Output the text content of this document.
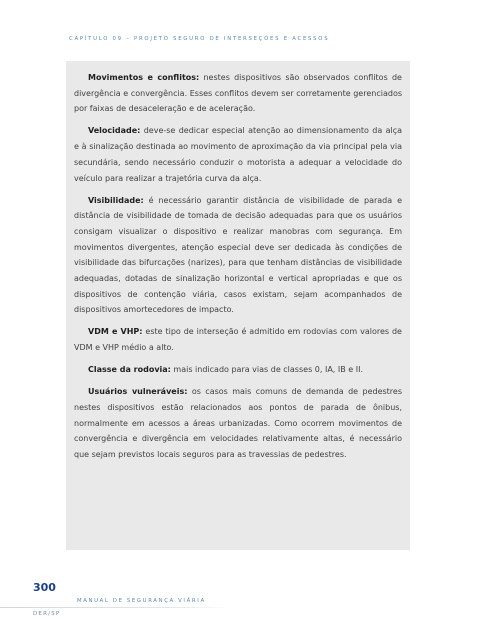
CAPÍTULO 09 – PROJETO SEGURO DE INTERSEÇÕES E ACESSOS

Movimentos e conflitos: nestes dispositivos são observados conflitos de divergência e convergência. Esses conflitos devem ser corretamente gerenciados por faixas de desaceleração e de aceleração.

Velocidade: deve-se dedicar especial atenção ao dimensionamento da alça e à sinalização destinada ao movimento de aproximação da via principal pela via secundária, sendo necessário conduzir o motorista a adequar a velocidade do veículo para realizar a trajetória curva da alça.

Visibilidade: é necessário garantir distância de visibilidade de parada e distância de visibilidade de tomada de decisão adequadas para que os usuários consigam visualizar o dispositivo e realizar manobras com segurança. Em movimentos divergentes, atenção especial deve ser dedicada às condições de visibilidade das bifurcações (narizes), para que tenham distâncias de visibilidade adequadas, dotadas de sinalização horizontal e vertical apropriadas e que os dispositivos de contenção viária, casos existam, sejam acompanhados de dispositivos amortecedores de impacto.

VDM e VHP: este tipo de interseção é admitido em rodovias com valores de VDM e VHP médio a alto.

Classe da rodovia: mais indicado para vias de classes 0, IA, IB e II.

Usuários vulneráveis: os casos mais comuns de demanda de pedestres nestes dispositivos estão relacionados aos pontos de parada de ônibus, normalmente em acessos a áreas urbanizadas. Como ocorrem movimentos de convergência e divergência em velocidades relativamente altas, é necessário que sejam previstos locais seguros para as travessias de pedestres.

300
MANUAL DE SEGURANÇA VIÁRIA
DER/SP
